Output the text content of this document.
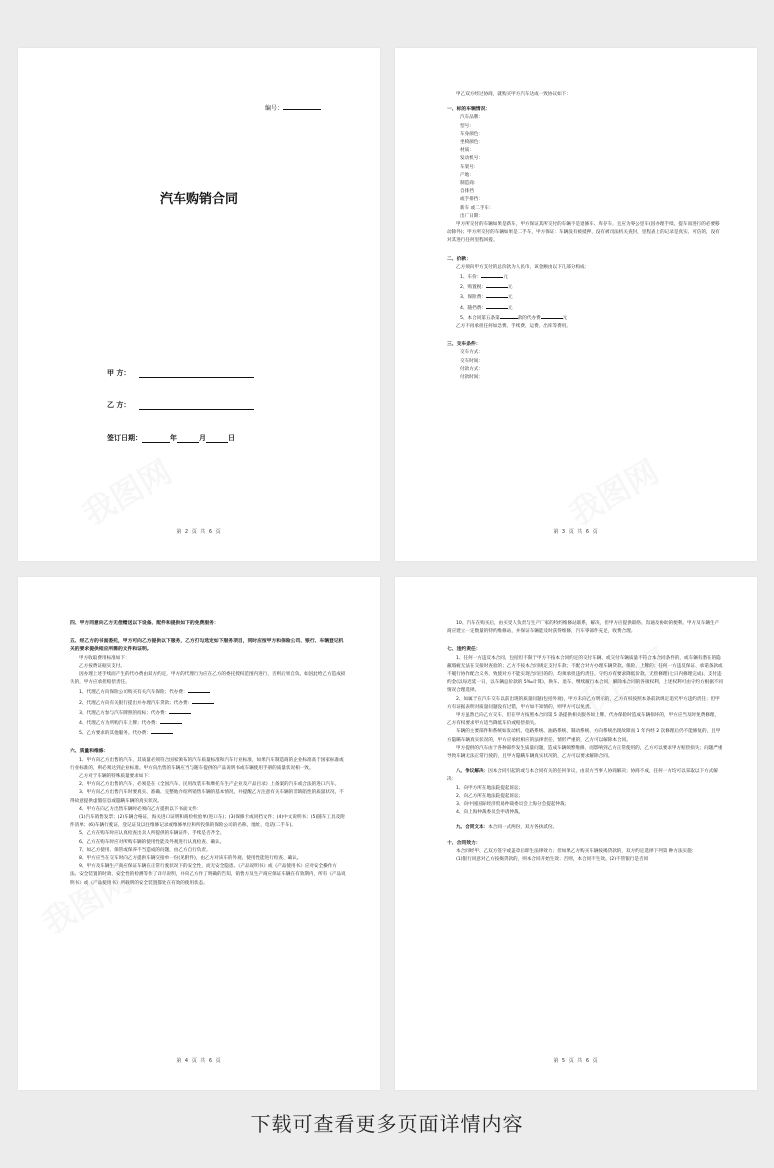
编号：
汽车购销合同
甲 方：
乙 方：
签订日期：	年	月	日
第 2 页 共 6 页

甲乙双方经过协商，就购买甲方汽车达成一致协议如下：

一、标的车辆情况：

汽车品牌：

型号：

车身颜色：

坐椅颜色：

材质：

发动机号：

车架号：

产地：

制造商：

自排挡

或手排挡：

新车 或二手车：

出厂日期：

甲方所交付的车辆如果是新车，甲方保证其所交付的车辆不是退修车、库存车，且应为零公里车(因办理手续、提车而进行的必要移动除外)；甲方所交付的车辆如果是二手车，甲方保证：车辆没有被抵押、没有被司法机关查封，里程表上的记录是真实、可信的，没有对其进行任何里程回拨。

二、价款：

乙方须向甲方支付的总价款为人民币，该金额由以下几部分构成：

1、车价：	元

2、购置税：	元

3、保险费：	元

4、随挡费：	元

5、本合同第五条第	款的代办费	元

乙方不再承担任何如急费、手续费、运费、出库等费用。

三、交车条件：

交车方式：

交车时间：

付款方式：

付款时间：

第 3 页 共 6 页

四、甲方同意向乙方无偿赠送以下设备、配件和提供如下的免费服务：

五、经乙方的书面委托，甲方可向乙方提供以下服务，乙方打勾选定如下服务项目，同时应按甲方和保险公司、银行、车辆登记机关的要求提供相应所需的文件和证明。

甲方收取费用标准如下：

乙方按费证据实支付。

因办理上述手续而产生的代办费由双方约定，甲方的代理行为应在乙方的委托授权范围内进行，否则后果自负。如因此给乙方造成损失的，甲方应承担赔偿责任。

1、代理乙方向保险公司购买有关汽车保险；代办费：

2、代理乙方向有关银行提出并办理汽车贷款；代办费：

3、代理乙方参与汽车牌照的投标；代办费：

4、代理乙方为所购汽车上牌；代办费：

5、乙方要求的其他服务。代办费：

六、质量和维修：

1、甲方向乙方出售的汽车，其质量必须符合国家颁布的汽车质量标准和汽车行业标准，如果汽车制造商的企业标准高于国家标准或行业标准的，则必须达到企业标准。甲方向出售的车辆应当与随车提供的产品说明书或车辆使用手册的质量状况相一致。

乙方对于车辆的特殊质量要求如下：

2、甲方向乙方出售的汽车，必须是在《全国汽车、民用改装车和摩托车生产企业及产品目录》上备案的汽车或合法的进口汽车。

3、甲方向乙方出售汽车时要真实、准确、完整地介绍所销售车辆的基本情况，并提醒乙方注意有关车辆的非缺陷性的质量状况，不得故意提供虚假信息或隐瞒车辆的真实状况。

4、甲方在向乙方出售车辆时必须向乙方提供以下书面文件：

(1)汽车销售发票；(2)车辆合格证，海关进口证明和商检检验单(进口车)；(3)保修卡或同档文件；(4)中文说明书；(5)随车工具及附件清单；(6)车辆行驶证，登记证及以往维修记录或维修单位和所投保的保险公司的名称、地址、电话(二手车)。

5、乙方在购车时应认真检查出卖人所提供的车辆证件、手续是否齐全。

6、乙方在购车时应对所购车辆的使用性能及外观进行认真检查、确认。

7、如乙方使用、保管或保养不当造成的问题，由乙方自行负责。

8、甲方应当在交车时向乙方提供车辆交接单一份(见附件)，由乙方对该车的外观、使用性能进行检查、确认。

9、甲方及车辆生产商应保证车辆在正常行驶状况下的安全性，而无安全隐患。《产品说明书》或《产品使用书》应对安全操作方法、安全装置的时效、安全性的检测等作了详尽说明，并向乙方作了明确的告知，销售方及生产商应保证车辆在有效期内，所有《产品说明书》或《产品使用书》所载明的安全装置都处在有效的使用状态。

第 4 页 共 6 页

10、汽车在购买后，由买受人负责与生产厂家的特约维修站联系，解决，但甲方应提供联络、沟通及协助的便利。甲方及车辆生产商应建立一定数量的特约维修站，并保证车辆能及时获得维修，汽车零部件充足，收费合理。

七、违约责任：

1、任何一方违反本合同，包括但不限于甲方不按本合同约定的交付车辆、或交付车辆质量不符合本合同条件的，或车辆有潜在的隐蔽瑕疵无法在交接时查验的；乙方不按本合同规定支付车款；不配合对方办理车辆贷款、保险、上牌的；任何一方违反保证、承诺条款或不履行协作配合义务，致使对方不能实现合同目的的，均须承担违约责任。守约方有要求降低价款、无偿修理(七日内修理完成)、支付违约金(以每迟延一日，以车辆总价款的 5‰计算)，换车、退车、继续履行本合同，解除本合同的各项权利，上述权利可由守约方根据不同情况合理选择。

2、如属于在汽车交车以前出现的质量问题(包括外观)，甲方未向乙方明示的，乙方有权按照本条前款规定追究甲方违约责任；但甲方有证据表明对质量问题没有过错，甲方如不知情的，则甲方可以免责。

甲方虽然已向乙方交车，但在甲方按照本合同第 5 条提供相关服务如上牌、代办保险时造成车辆损坏的，甲方应当及时免费修理，乙方有权要求甲方适当降低车价或赔偿损失。

车辆的主要部件和系统如发动机、电路系统、油路系统、制动系统、方向系统出现故障而 1 年内经 2 次修理后仍不能修复的，且甲方隐瞒车辆真实状况的，甲方应承担相应的法律责任，情形严重的，乙方可以解除本合同。

甲方提供的汽车由于各种部件发生质量问题，造成车辆频繁维修，而影响到乙方正常使用的，乙方可以要求甲方赔偿损失；问题严重导致车辆无法正常行驶的，且甲方隐瞒车辆真实状况的，乙方可以要求解除合同。

八、争议解决：因本合同引起的或与本合同有关的任何争议，由双方当事人协商解决；协商不成，任何一方均可以采取以下方式解决：

1、向甲方所在地法院提起诉讼；

2、向乙方所在地法院提起诉讼；

3、向中国国际经济贸易仲裁委员会上海分会提起仲裁；

4、向上海仲裁委员会申请仲裁。

九、合同文本：本合同一式两份，双方各执贰份。

十、合同效力：

本合同经甲、乙双方签字或盖章后即生法律效力；但如果乙方购买车辆按揭贷款的，双方约定选择下列第 种方法实施：

(1)银行同意对乙方按揭贷款的，则本合同开始生效；否则，本合同不生效。(2)不管银行是否同

第 5 页 共 6 页
下载可查看更多页面详情内容
